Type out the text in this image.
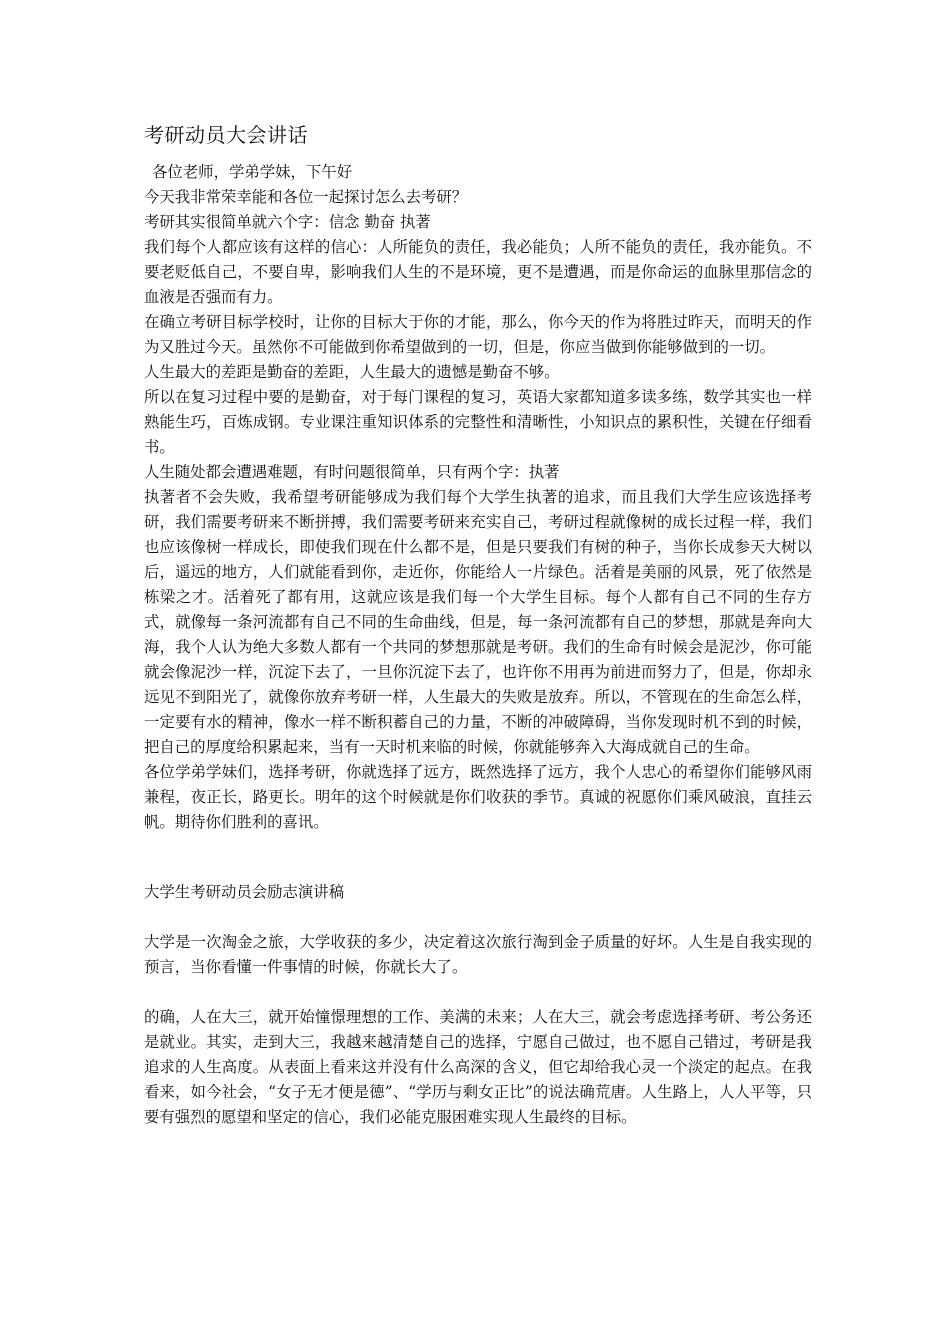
考研动员大会讲话

各位老师，学弟学妹，下午好

今天我非常荣幸能和各位一起探讨怎么去考研？

考研其实很简单就六个字：信念 勤奋 执著

我们每个人都应该有这样的信心：人所能负的责任，我必能负；人所不能负的责任，我亦能负。不要老贬低自己，不要自卑，影响我们人生的不是环境，更不是遭遇，而是你命运的血脉里那信念的血液是否强而有力。

在确立考研目标学校时，让你的目标大于你的才能，那么，你今天的作为将胜过昨天，而明天的作为又胜过今天。虽然你不可能做到你希望做到的一切，但是，你应当做到你能够做到的一切。

人生最大的差距是勤奋的差距，人生最大的遗憾是勤奋不够。

所以在复习过程中要的是勤奋，对于每门课程的复习，英语大家都知道多读多练，数学其实也一样熟能生巧，百炼成钢。专业课注重知识体系的完整性和清晰性，小知识点的累积性，关键在仔细看书。

人生随处都会遭遇难题，有时问题很简单，只有两个字：执著

执著者不会失败，我希望考研能够成为我们每个大学生执著的追求，而且我们大学生应该选择考研，我们需要考研来不断拼搏，我们需要考研来充实自己，考研过程就像树的成长过程一样，我们也应该像树一样成长，即使我们现在什么都不是，但是只要我们有树的种子，当你长成参天大树以后，遥远的地方，人们就能看到你，走近你，你能给人一片绿色。活着是美丽的风景，死了依然是栋梁之才。活着死了都有用，这就应该是我们每一个大学生目标。每个人都有自己不同的生存方式，就像每一条河流都有自己不同的生命曲线，但是，每一条河流都有自己的梦想，那就是奔向大海，我个人认为绝大多数人都有一个共同的梦想那就是考研。我们的生命有时候会是泥沙，你可能就会像泥沙一样，沉淀下去了，一旦你沉淀下去了，也许你不用再为前进而努力了，但是，你却永远见不到阳光了，就像你放弃考研一样，人生最大的失败是放弃。所以，不管现在的生命怎么样，一定要有水的精神，像水一样不断积蓄自己的力量，不断的冲破障碍，当你发现时机不到的时候，把自己的厚度给积累起来，当有一天时机来临的时候，你就能够奔入大海成就自己的生命。

各位学弟学妹们，选择考研，你就选择了远方，既然选择了远方，我个人忠心的希望你们能够风雨兼程，夜正长，路更长。明年的这个时候就是你们收获的季节。真诚的祝愿你们乘风破浪，直挂云帆。期待你们胜利的喜讯。

大学生考研动员会励志演讲稿

大学是一次淘金之旅，大学收获的多少，决定着这次旅行淘到金子质量的好坏。人生是自我实现的预言，当你看懂一件事情的时候，你就长大了。

的确，人在大三，就开始憧憬理想的工作、美满的未来；人在大三，就会考虑选择考研、考公务还是就业。其实，走到大三，我越来越清楚自己的选择，宁愿自己做过，也不愿自己错过，考研是我追求的人生高度。从表面上看来这并没有什么高深的含义，但它却给我心灵一个淡定的起点。在我看来，如今社会，“女子无才便是德”、“学历与剩女正比”的说法确荒唐。人生路上，人人平等，只要有强烈的愿望和坚定的信心，我们必能克服困难实现人生最终的目标。
